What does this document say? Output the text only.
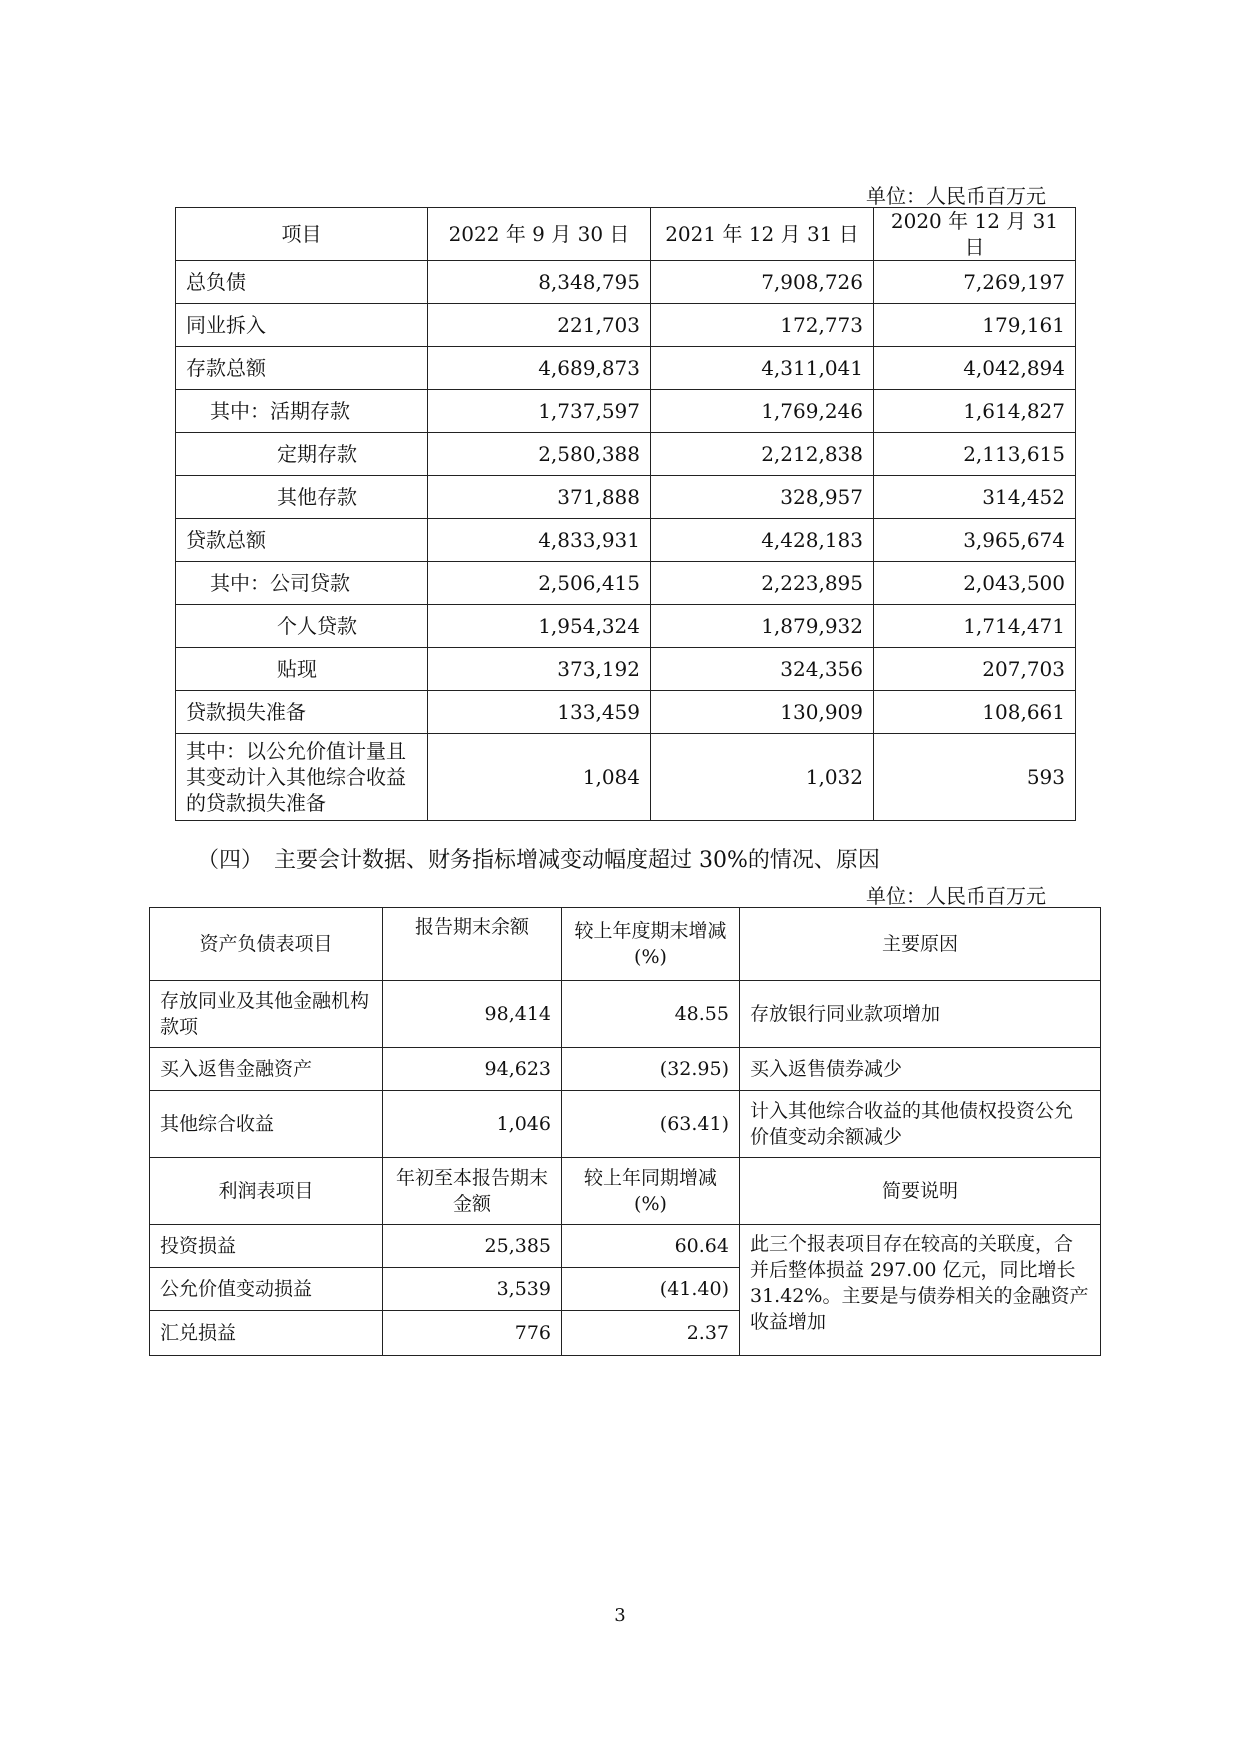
单位：人民币百万元
项目	2022 年 9 月 30 日	2021 年 12 月 31 日	2020 年 12 月 31 日
总负债	8,348,795	7,908,726	7,269,197
同业拆入	221,703	172,773	179,161
存款总额	4,689,873	4,311,041	4,042,894
其中：活期存款	1,737,597	1,769,246	1,614,827
定期存款	2,580,388	2,212,838	2,113,615
其他存款	371,888	328,957	314,452
贷款总额	4,833,931	4,428,183	3,965,674
其中：公司贷款	2,506,415	2,223,895	2,043,500
个人贷款	1,954,324	1,879,932	1,714,471
贴现	373,192	324,356	207,703
贷款损失准备	133,459	130,909	108,661
其中：以公允价值计量且其变动计入其他综合收益的贷款损失准备	1,084	1,032	593
（四）　主要会计数据、财务指标增减变动幅度超过 30%的情况、原因
单位：人民币百万元
资产负债表项目	报告期末余额	较上年度期末增减(%)	主要原因
存放同业及其他金融机构款项	98,414	48.55	存放银行同业款项增加
买入返售金融资产	94,623	(32.95)	买入返售债券减少
其他综合收益	1,046	(63.41)	计入其他综合收益的其他债权投资公允价值变动余额减少
利润表项目	年初至本报告期末金额	较上年同期增减(%)	简要说明
投资损益	25,385	60.64	此三个报表项目存在较高的关联度，合并后整体损益 297.00 亿元，同比增长 31.42%。主要是与债券相关的金融资产收益增加
公允价值变动损益	3,539	(41.40)	
汇兑损益	776	2.37	
3
